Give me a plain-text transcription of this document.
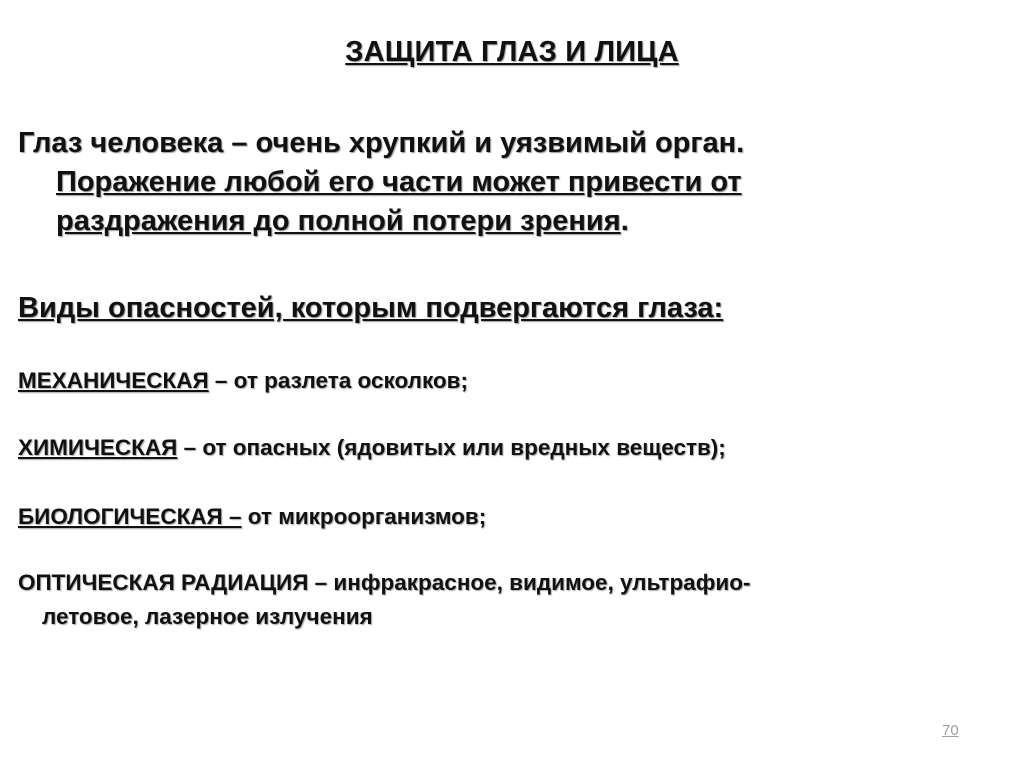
ЗАЩИТА ГЛАЗ И ЛИЦА
Глаз человека – очень хрупкий и уязвимый орган.
Поражение любой его части может привести от
раздражения до полной потери зрения.
Виды опасностей, которым подвергаются глаза:
МЕХАНИЧЕСКАЯ – от разлета осколков;
ХИМИЧЕСКАЯ – от опасных (ядовитых или вредных веществ);
БИОЛОГИЧЕСКАЯ – от микроорганизмов;
ОПТИЧЕСКАЯ РАДИАЦИЯ – инфракрасное, видимое, ультрафио-
летовое, лазерное излучения
70
